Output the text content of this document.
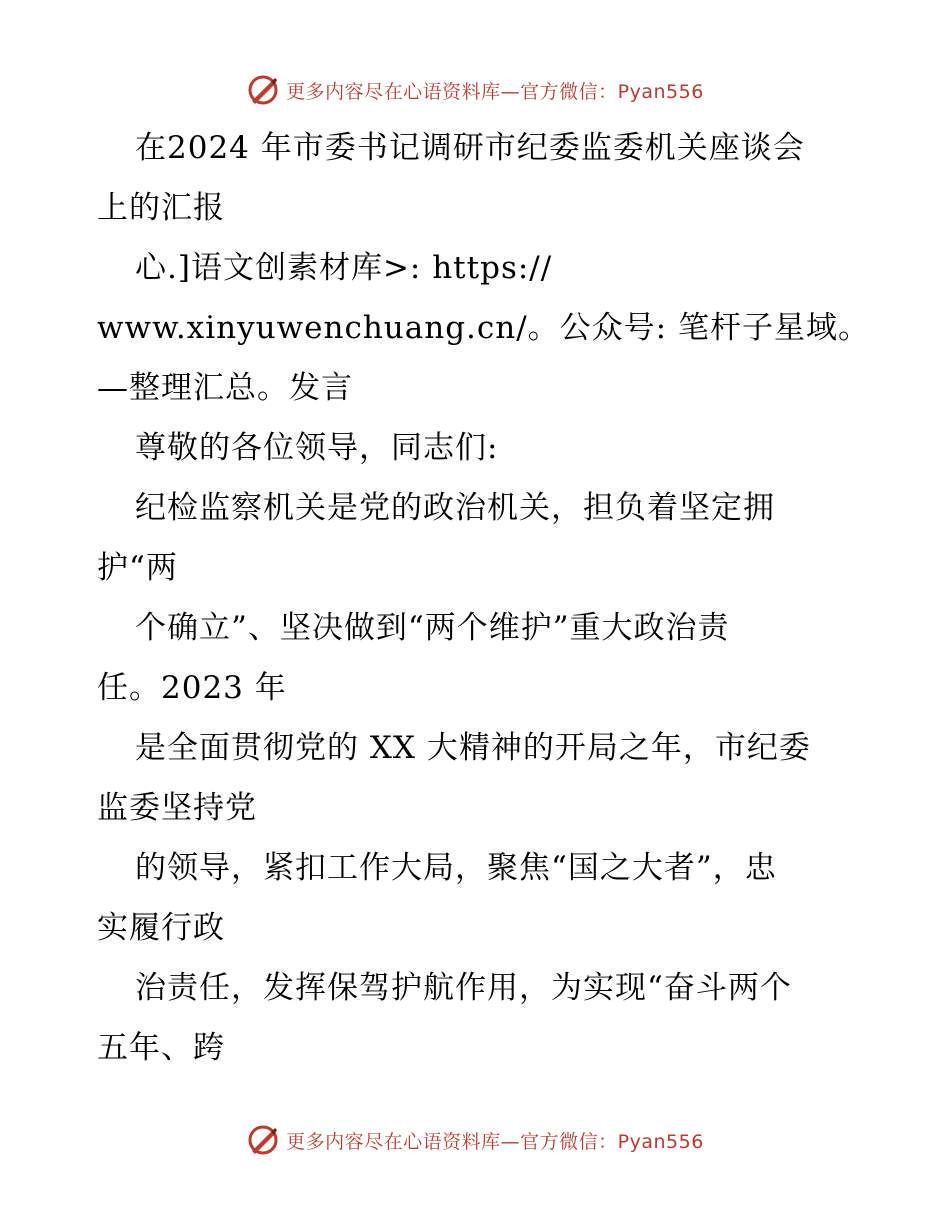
更多内容尽在心语资料库—官方微信：Pyan556
在2024 年市委书记调研市纪委监委机关座谈会
上的汇报
心.]语文创素材库>: https://
www.xinyuwenchuang.cn/。公众号: 笔杆子星域。
—整理汇总。发言
尊敬的各位领导，同志们:
纪检监察机关是党的政治机关，担负着坚定拥
护“两
个确立”、坚决做到“两个维护”重大政治责
任。2023 年
是全面贯彻党的 XX 大精神的开局之年，市纪委
监委坚持党
的领导，紧扣工作大局，聚焦“国之大者”，忠
实履行政
治责任，发挥保驾护航作用，为实现“奋斗两个
五年、跨
更多内容尽在心语资料库—官方微信：Pyan556
